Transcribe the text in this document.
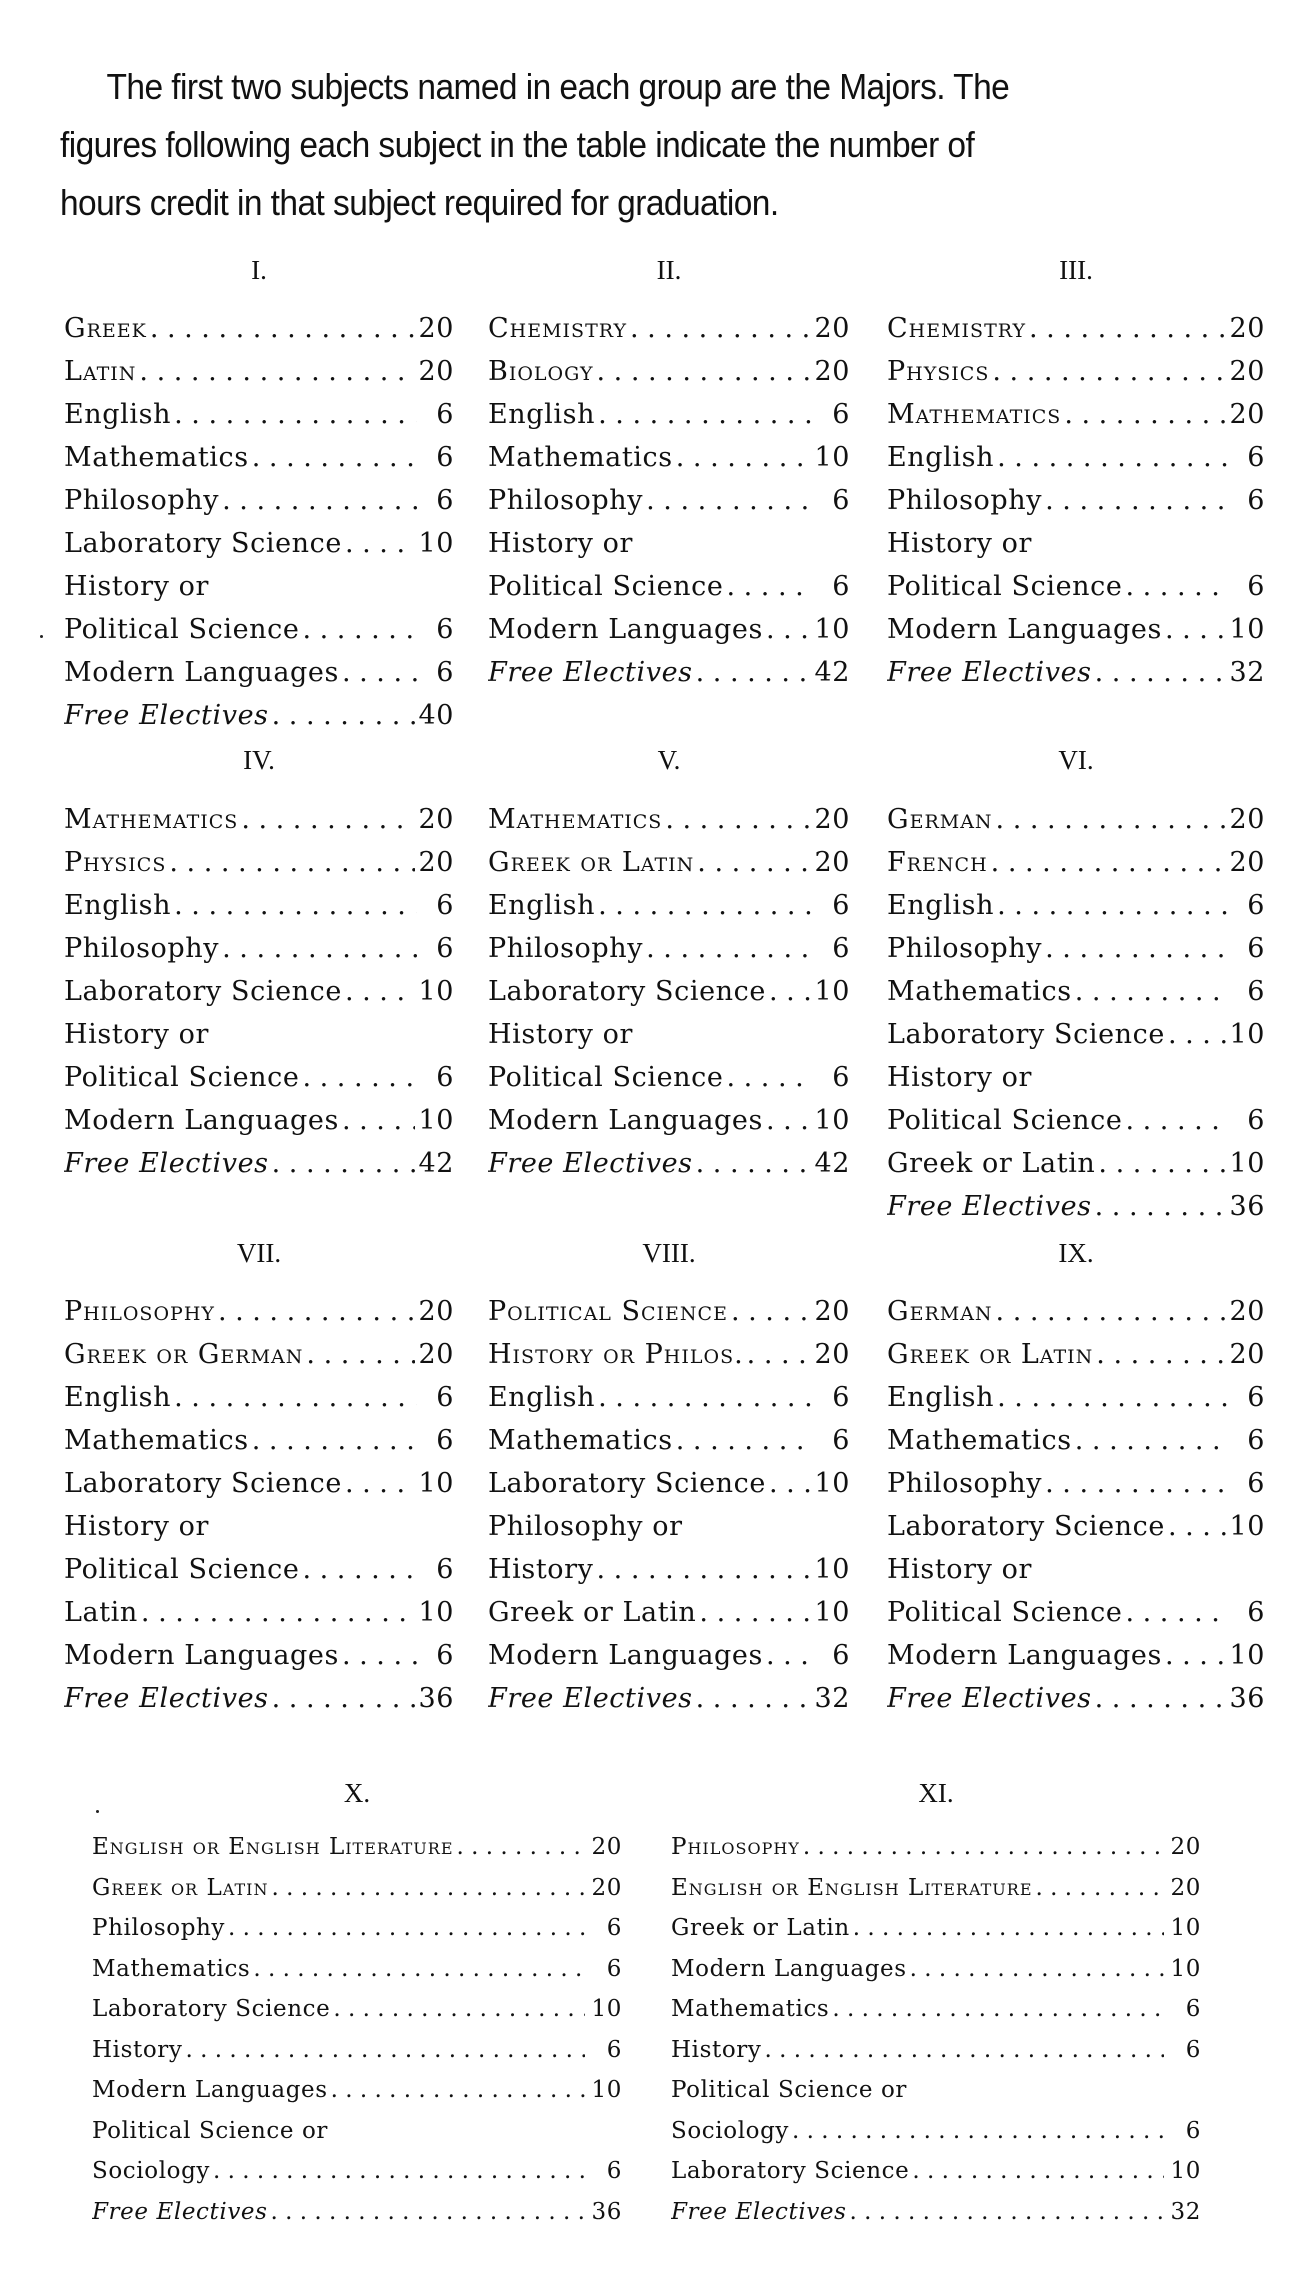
The first two subjects named in each group are the Majors. The
figures following each subject in the table indicate the number of
hours credit in that subject required for graduation.
I.
Greek . . .	20
Latin . . .	20
English . . .	6
Mathematics . . .	6
Philosophy . . .	6
Laboratory Science . . .	10
History or
Political Science . . .	6
Modern Languages . . .	6
Free Electives . . .	40
II.
Chemistry . . .	20
Biology . . .	20
English . . .	6
Mathematics . . .	10
Philosophy . . .	6
History or
Political Science . . .	6
Modern Languages . . . 10
Free Electives . . .	42
III.
Chemistry . . .	20
Physics . . .	20
Mathematics . . .	20
English . . .	6
Philosophy . . .	6
History or
Political Science . . .	6
Modern Languages . . . 10
Free Electives . . .	32
IV.
Mathematics . . .	20
Physics . . .	20
English . . .	6
Philosophy . . .	6
Laboratory Science . . .	10
History or
Political Science . . .	6
Modern Languages . . .	10
Free Electives . . .	42
V.
Mathematics . . .	20
Greek or Latin . . .	20
English . . .	6
Philosophy . . .	6
Laboratory Science . . . 10
History or
Political Science . . .	6
Modern Languages . . . 10
Free Electives . . .	42
VI.
German . . .	20
French . . .	20
English . . .	6
Philosophy . . .	6
Mathematics . . .	6
Laboratory Science . . . 10
History or
Political Science . . .	6
Greek or Latin . . .	10
Free Electives . . .	36
VII.
Philosophy . . .	20
Greek or German . . .	20
English . . .	6
Mathematics . . .	6
Laboratory Science . . .	10
History or
Political Science . . .	6
Latin . . .	10
Modern Languages . . .	6
Free Electives . . .	36
VIII.
Political Science . . .	20
History or Philos. . . .	20
English . . .	6
Mathematics . . .	6
Laboratory Science . . . 10
Philosophy or
History . . .	10
Greek or Latin . . .	10
Modern Languages . . .	6
Free Electives . . .	32
IX.
German . . .	20
Greek or Latin . . .	20
English . . .	6
Mathematics . . .	6
Philosophy . . .	6
Laboratory Science . . . 10
History or
Political Science . . .	6
Modern Languages . . . 10
Free Electives . . .	36
X.
English or English Literature . . .	20
Greek or Latin . . .	20
Philosophy . . .	6
Mathematics . . .	6
Laboratory Science . . .	10
History . . .	6
Modern Languages . . .	10
Political Science or
Sociology . . .	6
Free Electives . . .	36
XI.
Philosophy . . .	20
English or English Literature . . .	20
Greek or Latin . . .	10
Modern Languages . . .	10
Mathematics . . .	6
History . . .	6
Political Science or
Sociology . . .	6
Laboratory Science . . .	10
Free Electives . . .	32
